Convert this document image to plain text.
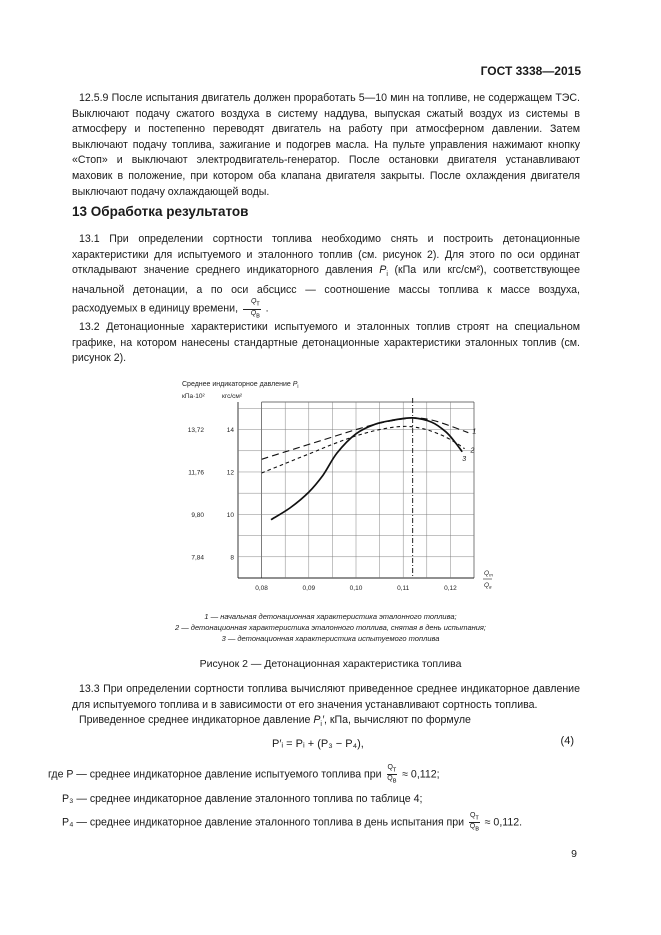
ГОСТ 3338—2015

12.5.9 После испытания двигатель должен проработать 5—10 мин на топливе, не содержащем ТЭС. Выключают подачу сжатого воздуха в систему наддува, выпуская сжатый воздух из системы в атмосферу и постепенно переводят двигатель на работу при атмосферном давлении. Затем выключают подачу топлива, зажигание и подогрев масла. На пульте управления нажимают кнопку «Стоп» и выключают электродвигатель-генератор. После остановки двигателя устанавливают маховик в положение, при котором оба клапана двигателя закрыты. После охлаждения двигателя выключают подачу охлаждающей воды.

13 Обработка результатов

13.1 При определении сортности топлива необходимо снять и построить детонационные характеристики для испытуемого и эталонного топлив (см. рисунок 2). Для этого по оси ординат откладывают значение среднего индикаторного давления $P_i$ (кПа или кгс/см²), соответствующее начальной детонации, а по оси абсцисс — соотношение массы топлива к массе воздуха, расходуемых в единицу времени, $\frac{Q_т}{Q_в}$ .

13.2 Детонационные характеристики испытуемого и эталонных топлив строят на специальном графике, на котором нанесены стандартные детонационные характеристики эталонных топлив (см. рисунок 2).

Среднее индикаторное давление $P_i$
кПа·10²	кгс/см²
0,08	0,09	0,10	0,11	0,12
7,84
9,80
11,76
13,72
8
10
12
14	1
2
3
$Q_т$
$Q_в$
1 — начальная детонационная характеристика эталонного топлива;
2 — детонационная характеристика эталонного топлива, снятая в день испытания;
3 — детонационная характеристика испытуемого топлива
Рисунок 2 — Детонационная характеристика топлива

13.3 При определении сортности топлива вычисляют приведенное среднее индикаторное давление для испытуемого топлива и в зависимости от его значения устанавливают сортность топлива.

Приведенное среднее индикаторное давление $P_i'$, кПа, вычисляют по формуле

P′ᵢ = Pᵢ + (P₃ − P₄),	(4)
где P — среднее индикаторное давление испытуемого топлива при $\frac{Q_т}{Q_в} \approx 0,112$;
P₃ — среднее индикаторное давление эталонного топлива по таблице 4;
P₄ — среднее индикаторное давление эталонного топлива в день испытания при $\frac{Q_т}{Q_в} \approx 0,112$.
9
